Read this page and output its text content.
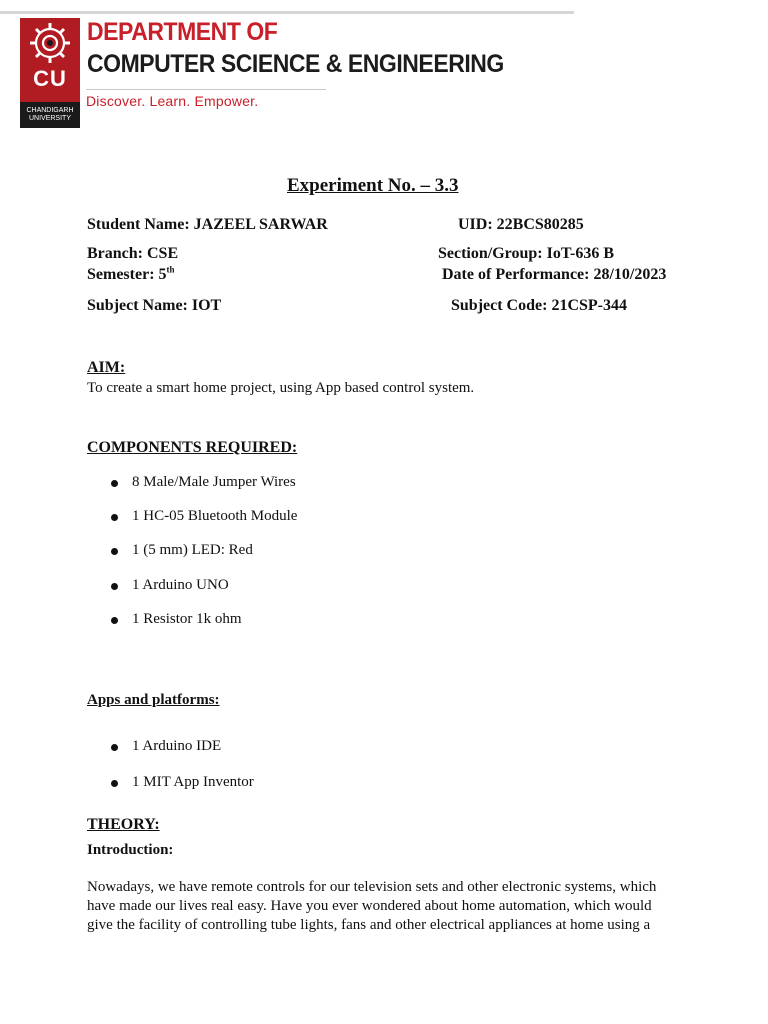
CU
CHANDIGARH
UNIVERSITY
DEPARTMENT OF
COMPUTER SCIENCE & ENGINEERING
Discover. Learn. Empower.
Experiment No. – 3.3
Student Name: JAZEEL SARWAR	UID: 22BCS80285
Branch: CSE	Section/Group: IoT-636 B
Semester: 5th	Date of Performance: 28/10/2023
Subject Name: IOT	Subject Code: 21CSP-344
AIM:
To create a smart home project, using App based control system.
COMPONENTS REQUIRED:
8 Male/Male Jumper Wires
1 HC-05 Bluetooth Module
1 (5 mm) LED: Red
1 Arduino UNO
1 Resistor 1k ohm
Apps and platforms:
1 Arduino IDE
1 MIT App Inventor
THEORY:
Introduction:
Nowadays, we have remote controls for our television sets and other electronic systems, which
have made our lives real easy. Have you ever wondered about home automation, which would
give the facility of controlling tube lights, fans and other electrical appliances at home using a
